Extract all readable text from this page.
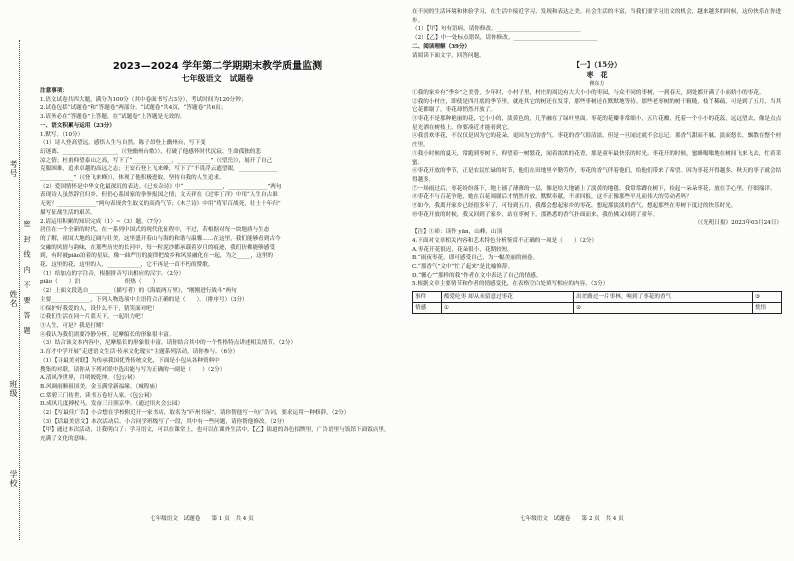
考号
姓名
班级
学校
密 封 线 内 不 要 答 题
2023—2024 学年第二学期期末教学质量监测
七年级语文　试题卷
注意事项：
1.语文试卷共四大题，满分为100分（其中卷面书写占3分），考试时间为120分钟；
2.试卷包括“试题卷”和“答题卷”两部分。“试题卷”共4页，“答题卷”共6页；
3.请务必在“答题卷”上答题，在“试题卷”上答题是无效的。
一、语文积累与运用（23分）
1.默写。（10分）
（1）诗人登高望远，感悟人生与自然。陈子昂登上幽州台，写下变
幻迷离、____________________（《登幽州台歌》），打破了他感怀时代沉寂、生命孤独的悲
凉之情；杜甫仰望泰山之高，写下了“______________，____________”（《望岳》），展开了自己
克服困难，追求卓越的高远之志；王安石登上飞来峰，写下了“不畏浮云遮望眼，______________
____________”（《登飞来峰》），体现了他积极进取，坚持自我的人生追求。
（2）爱国情怀是中华文化最深沉的表达。《已亥杂诗》中“______________，______________”两句
表现诗人虽然辞官归乡，但仍心系国家的拳拳报国之情；文天祥在《过零丁洋》中用“人生自古谁
无死？______________”两句表现舍生取义的高尚气节；《木兰诗》中用“将军百战死，壮士十年归”
描写征战生活的艰苦。
2.请运用积累的知识完成（1）~（3）题。（7分）
居住在一个全新的时代，在一系列中国式的现代化征程中，不过，若根据对每一块地质与生态
的了解，祖国大地的辽阔与壮美，这里盛开着山与海的和谐与温馨……在这里，我们能够看到古今
交融的风情与韵味，在那些历史的长河中，每一粒泥沙都承载着岁月的痕迹，我们仿佛能够感受
到，有时被piāo泊着的星辰，像一曲严厉的旋律把故乡和风景融化在一起，为之_____，这里的
花、这里的花，这里的人，____________，它不再是一首不朽的赞歌。
（1）给加点的字注音，根据拼音写出相应的汉字。（2分）
piāo（　　）泊　　　　　　　　炽热（　　）
（2）上面文段选自________（描写者）的《海底两万里》，“刚刚进行战斗”两句
主要______________，下列人物选项中主语符合正确的是（　　）。（排序号）（3分）
①保护好我爱的人，设什么不干，猜笑面对吧！
②我们生活在同一片蓝天下，一起用力吧！
③人生，可是？我是打赌！
④我认为我们需要冷静分析，尼摩船长的形象很丰富。
（3）结合该文本内容中，尼摩船长的形象很丰富，请你结合其中的一个性格特点讲述相关情节。（2分）
3.育才中学开展“走进语文生活·传承文化瑰宝”主题系列活动，请你参与。（6分）
（1）【寻最美对联】为传承我国优秀传统文化，下面是小包从各种资料中
搜集的对联，请你从下列对联中选出能与写为正确的一副是（　　）（2分）
A.清风净世界，月明皎乾坤。（包公祠）
B.风调雨顺祖国美，金玉满堂新福缘。（城隍庙）
C.常碧三门传世，读书万卷好人家。（包公祠）
D.成风几度搏杖马，发奋三日照京华。（通过用火会公园）
（2）【写最佳广告】小合想在学校附近开一家书店，取名为“庐州书屋”。请你帮他写一句广告词，要求运用一种修辞。（2分）
（3）【话最美语文】本次活动后，小合同学班级写了一段，其中有一些问题，请你帮他修改。（2分）
【甲】通过本次活动，让我明白了：学习语文，可以在课堂上，也可以在课外生活中。【乙】街道的各色招牌里，广告语里与饭馆下面饭店里，充满了文化的意味。
在不同的生活环境和体验学习，在生活中接近学习、发现和表达之美。社会生活的丰富，当我们要学习语文的机会，越来越多的时候，这份快乐在你进步。
（1）【甲】句有语病，请你修改。______________________________
（2）【乙】中一处标点错误，请你修改。______________________________
二、阅读理解（39分）
请阅读下面文字，回答问题。
【一】（15分）
枣　花
穆东方
①我的家乡有“季乡”之美誉，少年时，小村子里，村庄的周边有大大小小的枣园，与众不同的枣树，一到春天，到处都开满了小而娇小的枣花。
②我的小村庄，即使是四月底的季节里，就连其它的树还在发芽，那些枣树还在默默地等待。那些老枣树的树干粗糙，枝丫稀疏，可是到了五月，当其它花都谢了，枣花却悄然开放了。
③枣花不是那种艳丽的花，它小小的，淡黄色的，几乎融在了绿叶里面。枣花的花瓣非常细小，五片花瓣，托着一个小小的花蕊，远远望去，像是点点星光洒在树枝上。你要凑近才能看到它。
④我喜欢枣花，不仅仅是因为它的花朵，更因为它的香气。枣花的香气很清淡，但是一旦闻过就不会忘记。那香气甜而不腻，淡而悠长，飘散在整个村庄里。
⑤我小时候的夏天，常跑到枣树下，仰望着一树繁花，闻着浓浓的花香，那是童年最快乐的时光。枣花开的时候，蜜蜂嗡嗡地在树间飞来飞去，忙着采蜜。
⑥枣花开放的季节，正是农民忙碌的时节，他们在田地里辛勤劳作，枣花的香气伴着他们，给他们带来了希望。因为枣花开得越多，秋天的枣子就会结得越多。
⑦一场雨过后，枣花纷纷落下，地上铺了薄薄的一层，像是给大地铺上了淡黄的地毯。我常常蹲在树下，捡起一朵朵枣花，放在手心里，仔细端详。
⑧枣花不与百花争艳，她在百花凋谢后才悄然开放，默默奉献，不求回报，这不正像那些平凡而伟大的劳动者吗？
⑨如今，我离开家乡已经很多年了，可每到五月，我都会想起家乡的枣花，想起那淡淡的香气，想起那些在枣树下度过的快乐时光。
⑩枣花开放的时候，我又回到了家乡，站在枣树下，那熟悉的香气扑面而来，我仿佛又回到了童年。
（《光明日报》2023年03月24日）
【注】①峁：读作 yān，山峰，山顶
4.下面对文章相关内容和艺术特色分析鉴赏不正确的一项是（　　）（2分）
A.枣花开花很迟，花朵很小，花期较短。
B.“雨夜枣花，即可感受自己，为一幅美丽的画卷。
C.“那香气”文中“忙了起来”是比喻修辞。
D.“馨心”“那样的我”作者在文中表达了自己的情感。
5.根据文章主要情节和作者的情感变化，在表格空白处填写相应的内容。（3分）
事件	酷爱吃枣 却从未留意过枣花	出差路过一片枣林，嗅到了枣花的香气	③
情感	①	②	恍悟
七年级语文　试题卷　　第 1 页　共 4 页	七年级语文　试题卷　　第 2 页　共 4 页
